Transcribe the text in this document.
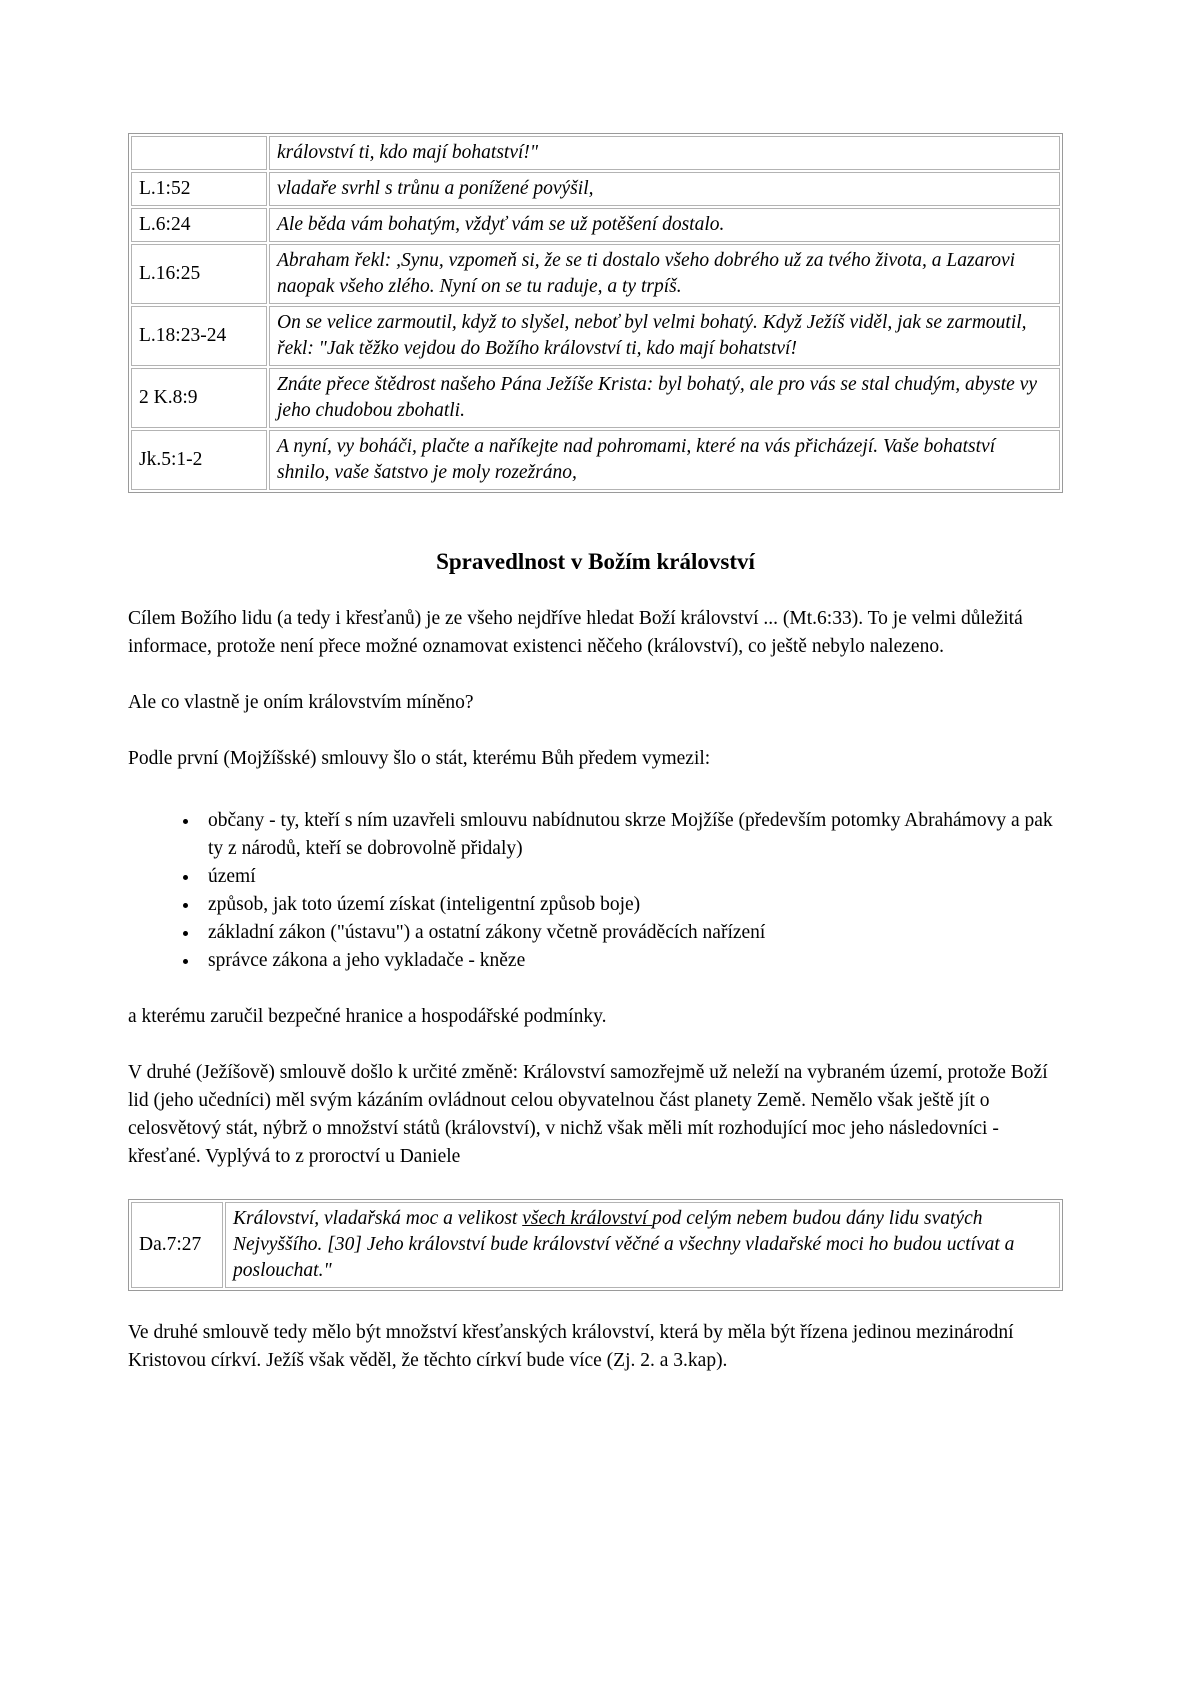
	království ti, kdo mají bohatství!"
L.1:52	vladaře svrhl s trůnu a ponížené povýšil,
L.6:24	Ale běda vám bohatým, vždyť vám se už potěšení dostalo.
L.16:25	Abraham řekl: ,Synu, vzpomeň si, že se ti dostalo všeho dobrého už za tvého života, a Lazarovi naopak všeho zlého. Nyní on se tu raduje, a ty trpíš.
L.18:23-24	On se velice zarmoutil, když to slyšel, neboť byl velmi bohatý. Když Ježíš viděl, jak se zarmoutil, řekl: "Jak těžko vejdou do Božího království ti, kdo mají bohatství!
2 K.8:9	Znáte přece štědrost našeho Pána Ježíše Krista: byl bohatý, ale pro vás se stal chudým, abyste vy jeho chudobou zbohatli.
Jk.5:1-2	A nyní, vy boháči, plačte a naříkejte nad pohromami, které na vás přicházejí. Vaše bohatství shnilo, vaše šatstvo je moly rozežráno,
Spravedlnost v Božím království

Cílem Božího lidu (a tedy i křesťanů) je ze všeho nejdříve hledat Boží království ... (Mt.6:33). To je velmi důležitá informace, protože není přece možné oznamovat existenci něčeho (království), co ještě nebylo nalezeno.

Ale co vlastně je oním královstvím míněno?

Podle první (Mojžíšské) smlouvy šlo o stát, kterému Bůh předem vymezil:

• občany - ty, kteří s ním uzavřeli smlouvu nabídnutou skrze Mojžíše (především potomky Abrahámovy a pak ty z národů, kteří se dobrovolně přidaly)
• území
• způsob, jak toto území získat (inteligentní způsob boje)
• základní zákon ("ústavu") a ostatní zákony včetně prováděcích nařízení
• správce zákona a jeho vykladače - kněze

a kterému zaručil bezpečné hranice a hospodářské podmínky.

V druhé (Ježíšově) smlouvě došlo k určité změně: Království samozřejmě už neleží na vybraném území, protože Boží lid (jeho učedníci) měl svým kázáním ovládnout celou obyvatelnou část planety Země. Nemělo však ještě jít o celosvětový stát, nýbrž o množství států (království), v nichž však měli mít rozhodující moc jeho následovníci - křesťané. Vyplývá to z proroctví u Daniele

Da.7:27	Království, vladařská moc a velikost všech království pod celým nebem budou dány lidu svatých Nejvyššího. [30] Jeho království bude království věčné a všechny vladařské moci ho budou uctívat a poslouchat."

Ve druhé smlouvě tedy mělo být množství křesťanských království, která by měla být řízena jedinou mezinárodní Kristovou církví. Ježíš však věděl, že těchto církví bude více (Zj. 2. a 3.kap).
